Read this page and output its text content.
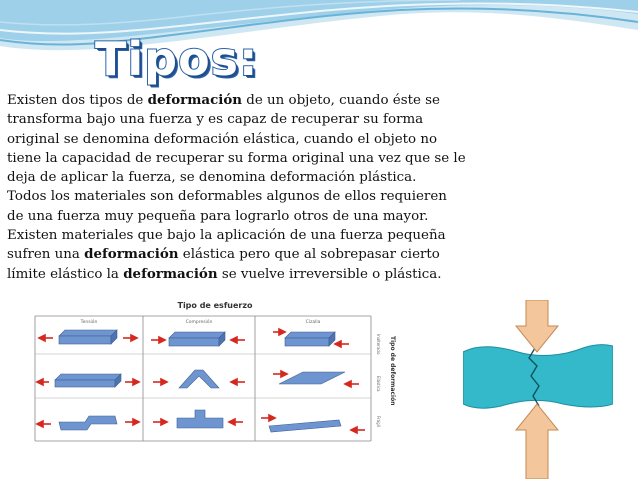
Tipos:

Existen dos tipos de deformación de un objeto, cuando éste se transforma bajo una fuerza y es capaz de recuperar su forma original se denomina deformación elástica, cuando el objeto no tiene la capacidad de recuperar su forma original una vez que se le deja de aplicar la fuerza, se denomina deformación plástica.

Todos los materiales son deformables algunos de ellos requieren de una fuerza muy pequeña para lograrlo otros de una mayor. Existen materiales que bajo la aplicación de una fuerza pequeña sufren una deformación elástica pero que al sobrepasar cierto límite elástico la deformación se vuelve irreversible o plástica.

Tipo de esfuerzo
Tensión	Compresión	Cizalla
Inalterado
Elástica
Frágil
Tipo de deformación
